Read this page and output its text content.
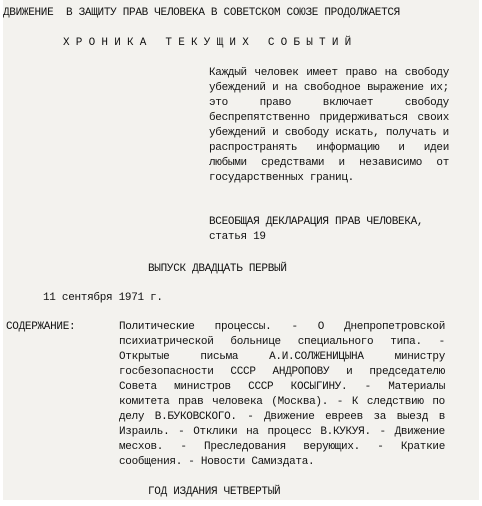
ДВИЖЕНИЕ  В ЗАЩИТУ ПРАВ ЧЕЛОВЕКА В СОВЕТСКОМ СОЮЗЕ ПРОДОЛЖАЕТСЯ
ХРОНИКА ТЕКУЩИХ СОБЫТИЙ

Каждый человек имеет право на свободу убеждений и на свободное выражение их; это право включает свободу беспрепятственно придерживаться своих убеждений и свободу искать, получать и распространять информацию и идеи любыми средствами и независимо от государственных границ.

ВСЕОБЩАЯ ДЕКЛАРАЦИЯ ПРАВ ЧЕЛОВЕКА,
статья 19
ВЫПУСК ДВАДЦАТЬ ПЕРВЫЙ
11 сентября 1971 г.
СОДЕРЖАНИЕ:	Политические процессы. - О Днепропетровской психиатрической больнице специального типа. - Открытые письма А.И.СОЛЖЕНИЦЫНА министру госбезопасности СССР АНДРОПОВУ и председателю Совета министров СССР КОСЫГИНУ. - Материалы комитета прав человека (Москва). - К следствию по делу В.БУКОВСКОГО. - Движение евреев за выезд в Израиль. - Отклики на процесс В.КУКУЯ. - Движение месхов. - Преследования верующих. - Краткие сообщения. - Новости Самиздата.
ГОД ИЗДАНИЯ ЧЕТВЕРТЫЙ
